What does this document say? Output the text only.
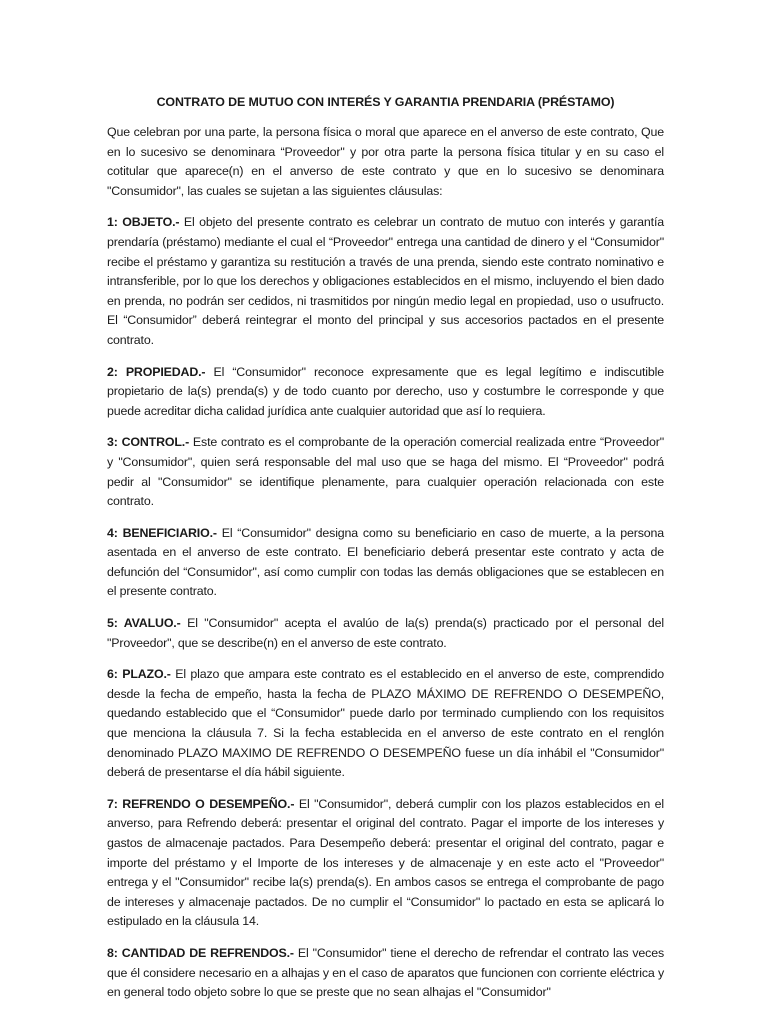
CONTRATO DE MUTUO CON INTERÉS Y GARANTIA PRENDARIA (PRÉSTAMO)

Que celebran por una parte, la persona física o moral que aparece en el anverso de este contrato, Que en lo sucesivo se denominara “Proveedor" y por otra parte la persona física titular y en su caso el cotitular que aparece(n) en el anverso de este contrato y que en lo sucesivo se denominara "Consumidor", las cuales se sujetan a las siguientes cláusulas:

1: OBJETO.- El objeto del presente contrato es celebrar un contrato de mutuo con interés y garantía prendaría (préstamo) mediante el cual el “Proveedor" entrega una cantidad de dinero y el “Consumidor" recibe el préstamo y garantiza su restitución a través de una prenda, siendo este contrato nominativo e intransferible, por lo que los derechos y obligaciones establecidos en el mismo, incluyendo el bien dado en prenda, no podrán ser cedidos, ni trasmitidos por ningún medio legal en propiedad, uso o usufructo. El “Consumidor” deberá reintegrar el monto del principal y sus accesorios pactados en el presente contrato.

2: PROPIEDAD.- El “Consumidor" reconoce expresamente que es legal legítimo e indiscutible propietario de la(s) prenda(s) y de todo cuanto por derecho, uso y costumbre le corresponde y que puede acreditar dicha calidad jurídica ante cualquier autoridad que así lo requiera.

3: CONTROL.- Este contrato es el comprobante de la operación comercial realizada entre “Proveedor" y "Consumidor", quien será responsable del mal uso que se haga del mismo. El “Proveedor" podrá pedir al "Consumidor" se identifique plenamente, para cualquier operación relacionada con este contrato.

4: BENEFICIARIO.- El “Consumidor" designa como su beneficiario en caso de muerte, a la persona asentada en el anverso de este contrato. El beneficiario deberá presentar este contrato y acta de defunción del “Consumidor", así como cumplir con todas las demás obligaciones que se establecen en el presente contrato.

5: AVALUO.- El "Consumidor" acepta el avalúo de la(s) prenda(s) practicado por el personal del "Proveedor", que se describe(n) en el anverso de este contrato.

6: PLAZO.- El plazo que ampara este contrato es el establecido en el anverso de este, comprendido desde la fecha de empeño, hasta la fecha de PLAZO MÁXIMO DE REFRENDO O DESEMPEÑO, quedando establecido que el “Consumidor" puede darlo por terminado cumpliendo con los requisitos que menciona la cláusula 7. Si la fecha establecida en el anverso de este contrato en el renglón denominado PLAZO MAXIMO DE REFRENDO O DESEMPEÑO fuese un día inhábil el "Consumidor" deberá de presentarse el día hábil siguiente.

7: REFRENDO O DESEMPEÑO.- El "Consumidor", deberá cumplir con los plazos establecidos en el anverso, para Refrendo deberá: presentar el original del contrato. Pagar el importe de los intereses y gastos de almacenaje pactados. Para Desempeño deberá: presentar el original del contrato, pagar e importe del préstamo y el Importe de los intereses y de almacenaje y en este acto el "Proveedor" entrega y el "Consumidor" recibe la(s) prenda(s). En ambos casos se entrega el comprobante de pago de intereses y almacenaje pactados. De no cumplir el “Consumidor" lo pactado en esta se aplicará lo estipulado en la cláusula 14.

8: CANTIDAD DE REFRENDOS.- El "Consumidor" tiene el derecho de refrendar el contrato las veces que él considere necesario en a alhajas y en el caso de aparatos que funcionen con corriente eléctrica y en general todo objeto sobre lo que se preste que no sean alhajas el "Consumidor"
